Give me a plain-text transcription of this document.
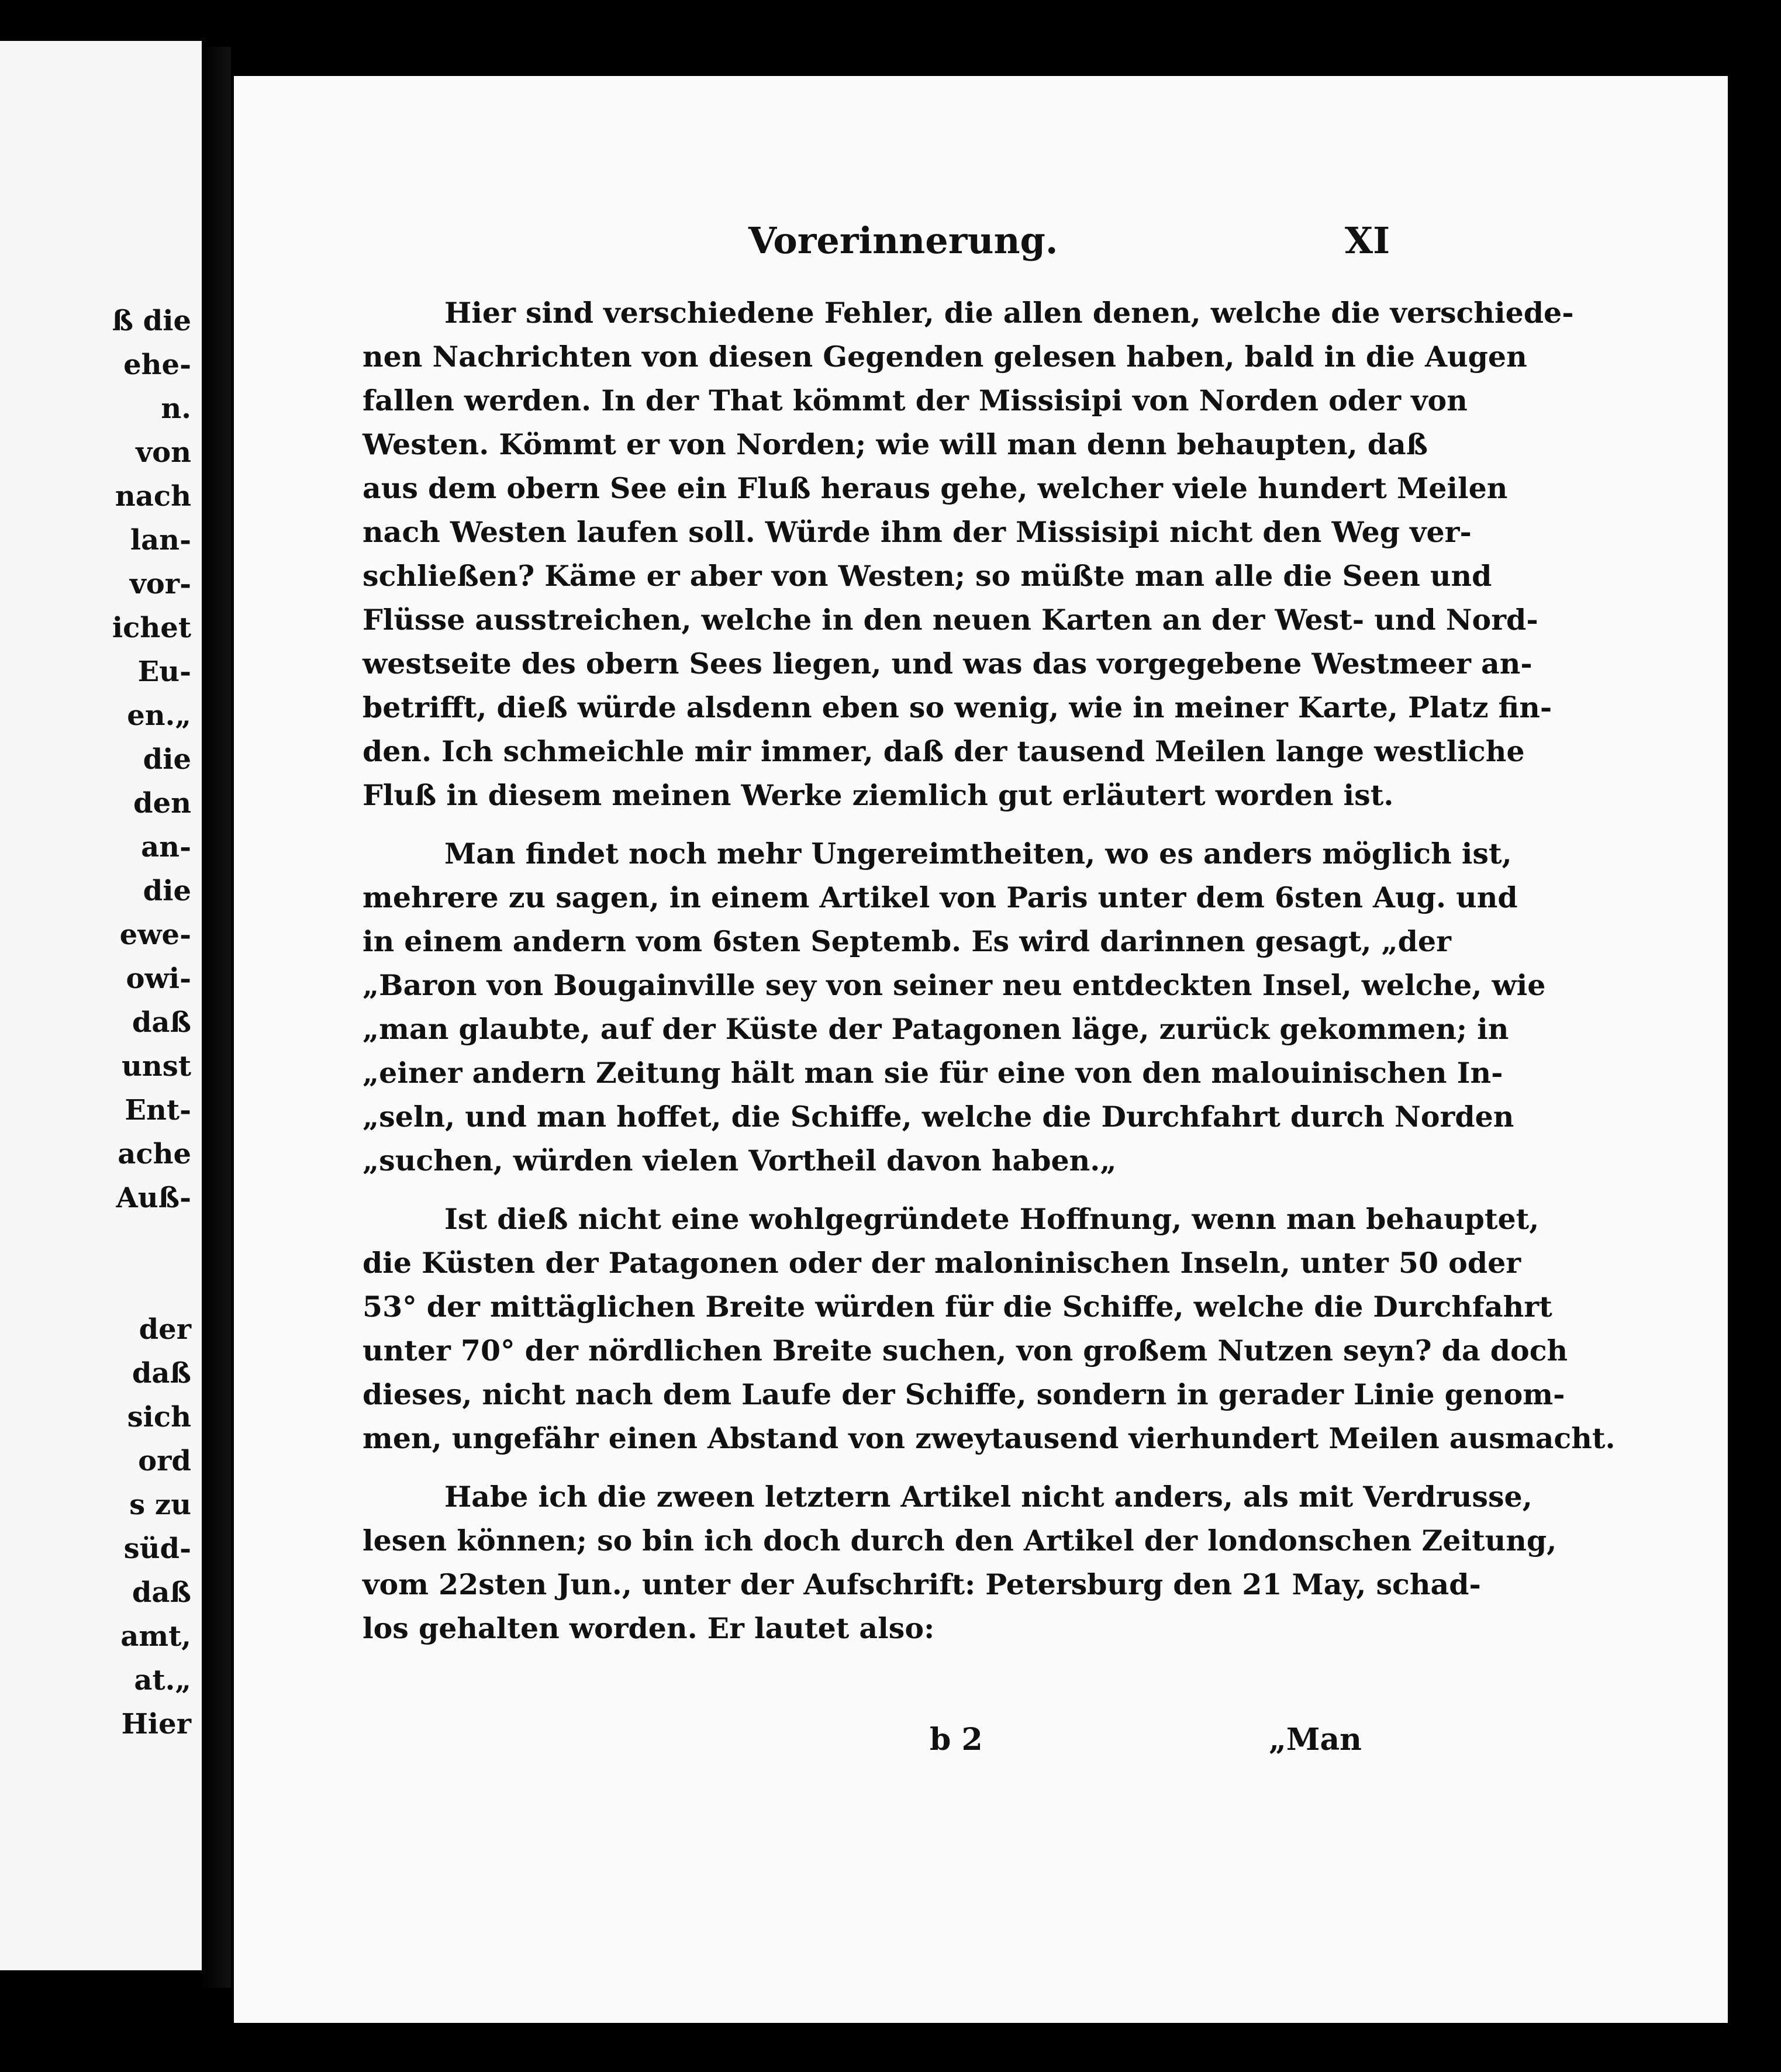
ß die
ehe-
n.
von
nach
lan-
vor-
ichet
Eu-
en.„
die
den
an-
die
ewe-
owi-
daß
unst
Ent-
ache
Auß-
der
daß
sich
ord
s zu
süd-
daß
amt,
at.„
Hier
Vorerinnerung.	XI
Hier sind verschiedene Fehler, die allen denen, welche die verschiede-
nen Nachrichten von diesen Gegenden gelesen haben, bald in die Augen
fallen werden. In der That kömmt der Missisipi von Norden oder von
Westen. Kömmt er von Norden; wie will man denn behaupten, daß
aus dem obern See ein Fluß heraus gehe, welcher viele hundert Meilen
nach Westen laufen soll. Würde ihm der Missisipi nicht den Weg ver-
schließen? Käme er aber von Westen; so müßte man alle die Seen und
Flüsse ausstreichen, welche in den neuen Karten an der West- und Nord-
westseite des obern Sees liegen, und was das vorgegebene Westmeer an-
betrifft, dieß würde alsdenn eben so wenig, wie in meiner Karte, Platz fin-
den. Ich schmeichle mir immer, daß der tausend Meilen lange westliche
Fluß in diesem meinen Werke ziemlich gut erläutert worden ist.
Man findet noch mehr Ungereimtheiten, wo es anders möglich ist,
mehrere zu sagen, in einem Artikel von Paris unter dem 6sten Aug. und
in einem andern vom 6sten Septemb. Es wird darinnen gesagt, „der
„Baron von Bougainville sey von seiner neu entdeckten Insel, welche, wie
„man glaubte, auf der Küste der Patagonen läge, zurück gekommen; in
„einer andern Zeitung hält man sie für eine von den malouinischen In-
„seln, und man hoffet, die Schiffe, welche die Durchfahrt durch Norden
„suchen, würden vielen Vortheil davon haben.„
Ist dieß nicht eine wohlgegründete Hoffnung, wenn man behauptet,
die Küsten der Patagonen oder der maloninischen Inseln, unter 50 oder
53° der mittäglichen Breite würden für die Schiffe, welche die Durchfahrt
unter 70° der nördlichen Breite suchen, von großem Nutzen seyn? da doch
dieses, nicht nach dem Laufe der Schiffe, sondern in gerader Linie genom-
men, ungefähr einen Abstand von zweytausend vierhundert Meilen ausmacht.
Habe ich die zween letztern Artikel nicht anders, als mit Verdrusse,
lesen können; so bin ich doch durch den Artikel der londonschen Zeitung,
vom 22sten Jun., unter der Aufschrift: Petersburg den 21 May, schad-
los gehalten worden. Er lautet also:
b 2	„Man
